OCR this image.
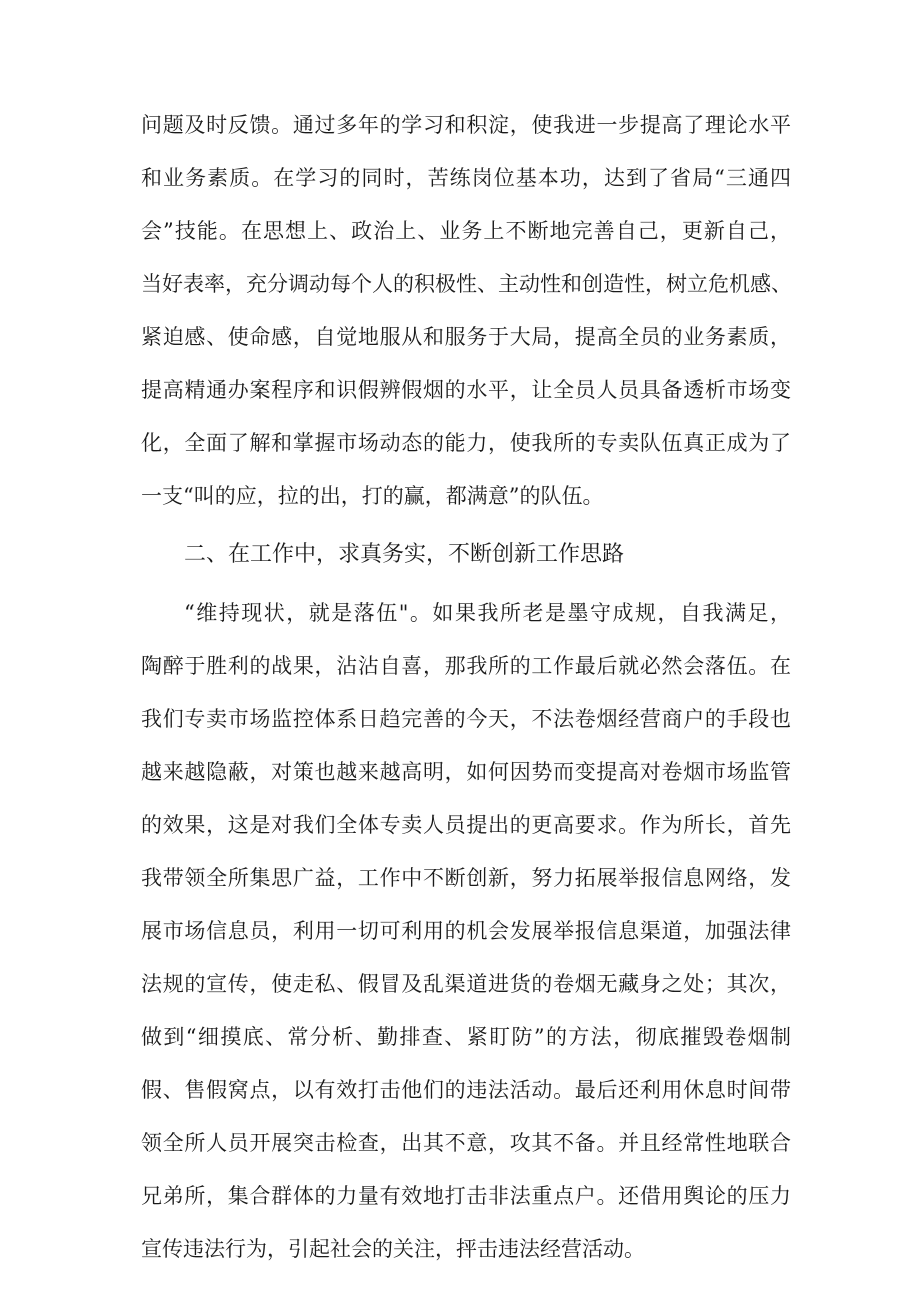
问题及时反馈。通过多年的学习和积淀，使我进一步提高了理论水平
和业务素质。在学习的同时，苦练岗位基本功，达到了省局“三通四
会”技能。在思想上、政治上、业务上不断地完善自己，更新自己，
当好表率，充分调动每个人的积极性、主动性和创造性，树立危机感、
紧迫感、使命感，自觉地服从和服务于大局，提高全员的业务素质，
提高精通办案程序和识假辨假烟的水平，让全员人员具备透析市场变
化，全面了解和掌握市场动态的能力，使我所的专卖队伍真正成为了
一支“叫的应，拉的出，打的赢，都满意”的队伍。
二、在工作中，求真务实，不断创新工作思路
“维持现状，就是落伍"。如果我所老是墨守成规，自我满足，
陶醉于胜利的战果，沾沾自喜，那我所的工作最后就必然会落伍。在
我们专卖市场监控体系日趋完善的今天，不法卷烟经营商户的手段也
越来越隐蔽，对策也越来越高明，如何因势而变提高对卷烟市场监管
的效果，这是对我们全体专卖人员提出的更高要求。作为所长，首先
我带领全所集思广益，工作中不断创新，努力拓展举报信息网络，发
展市场信息员，利用一切可利用的机会发展举报信息渠道，加强法律
法规的宣传，使走私、假冒及乱渠道进货的卷烟无藏身之处；其次，
做到“细摸底、常分析、勤排查、紧盯防”的方法，彻底摧毁卷烟制
假、售假窝点，以有效打击他们的违法活动。最后还利用休息时间带
领全所人员开展突击检查，出其不意，攻其不备。并且经常性地联合
兄弟所，集合群体的力量有效地打击非法重点户。还借用舆论的压力
宣传违法行为，引起社会的关注，抨击违法经营活动。
